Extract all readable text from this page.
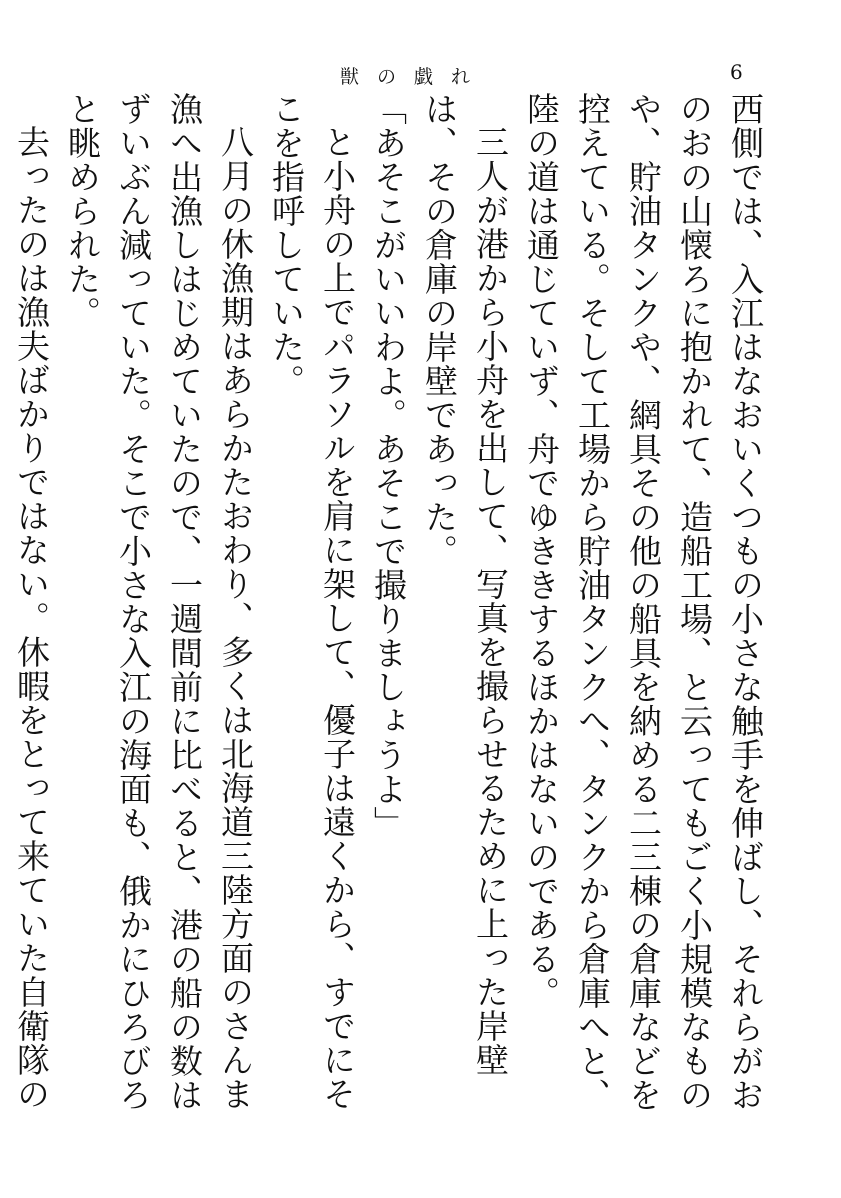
獣の戯れ	6

西側では、入江はなおいくつもの小さな触手を伸ばし、それらがおのおの山懐ろに抱かれて、造船工場、と云ってもごく小規模なものや、貯油タンクや、網具その他の船具を納める二三棟の倉庫などを控えている。そして工場から貯油タンクへ、タンクから倉庫へと、陸の道は通じていず、舟でゆききするほかはないのである。

三人が港から小舟を出して、写真を撮らせるために上った岸壁は、その倉庫の岸壁であった。

「あそこがいいわよ。あそこで撮りましょうよ」

と小舟の上でパラソルを肩に架して、優子は遠くから、すでにそこを指呼していた。

八月の休漁期はあらかたおわり、多くは北海道三陸方面のさんま漁へ出漁しはじめていたので、一週間前に比べると、港の船の数はずいぶん減っていた。そこで小さな入江の海面も、俄かにひろびろと眺められた。

去ったのは漁夫ばかりではない。休暇をとって来ていた自衛隊の
